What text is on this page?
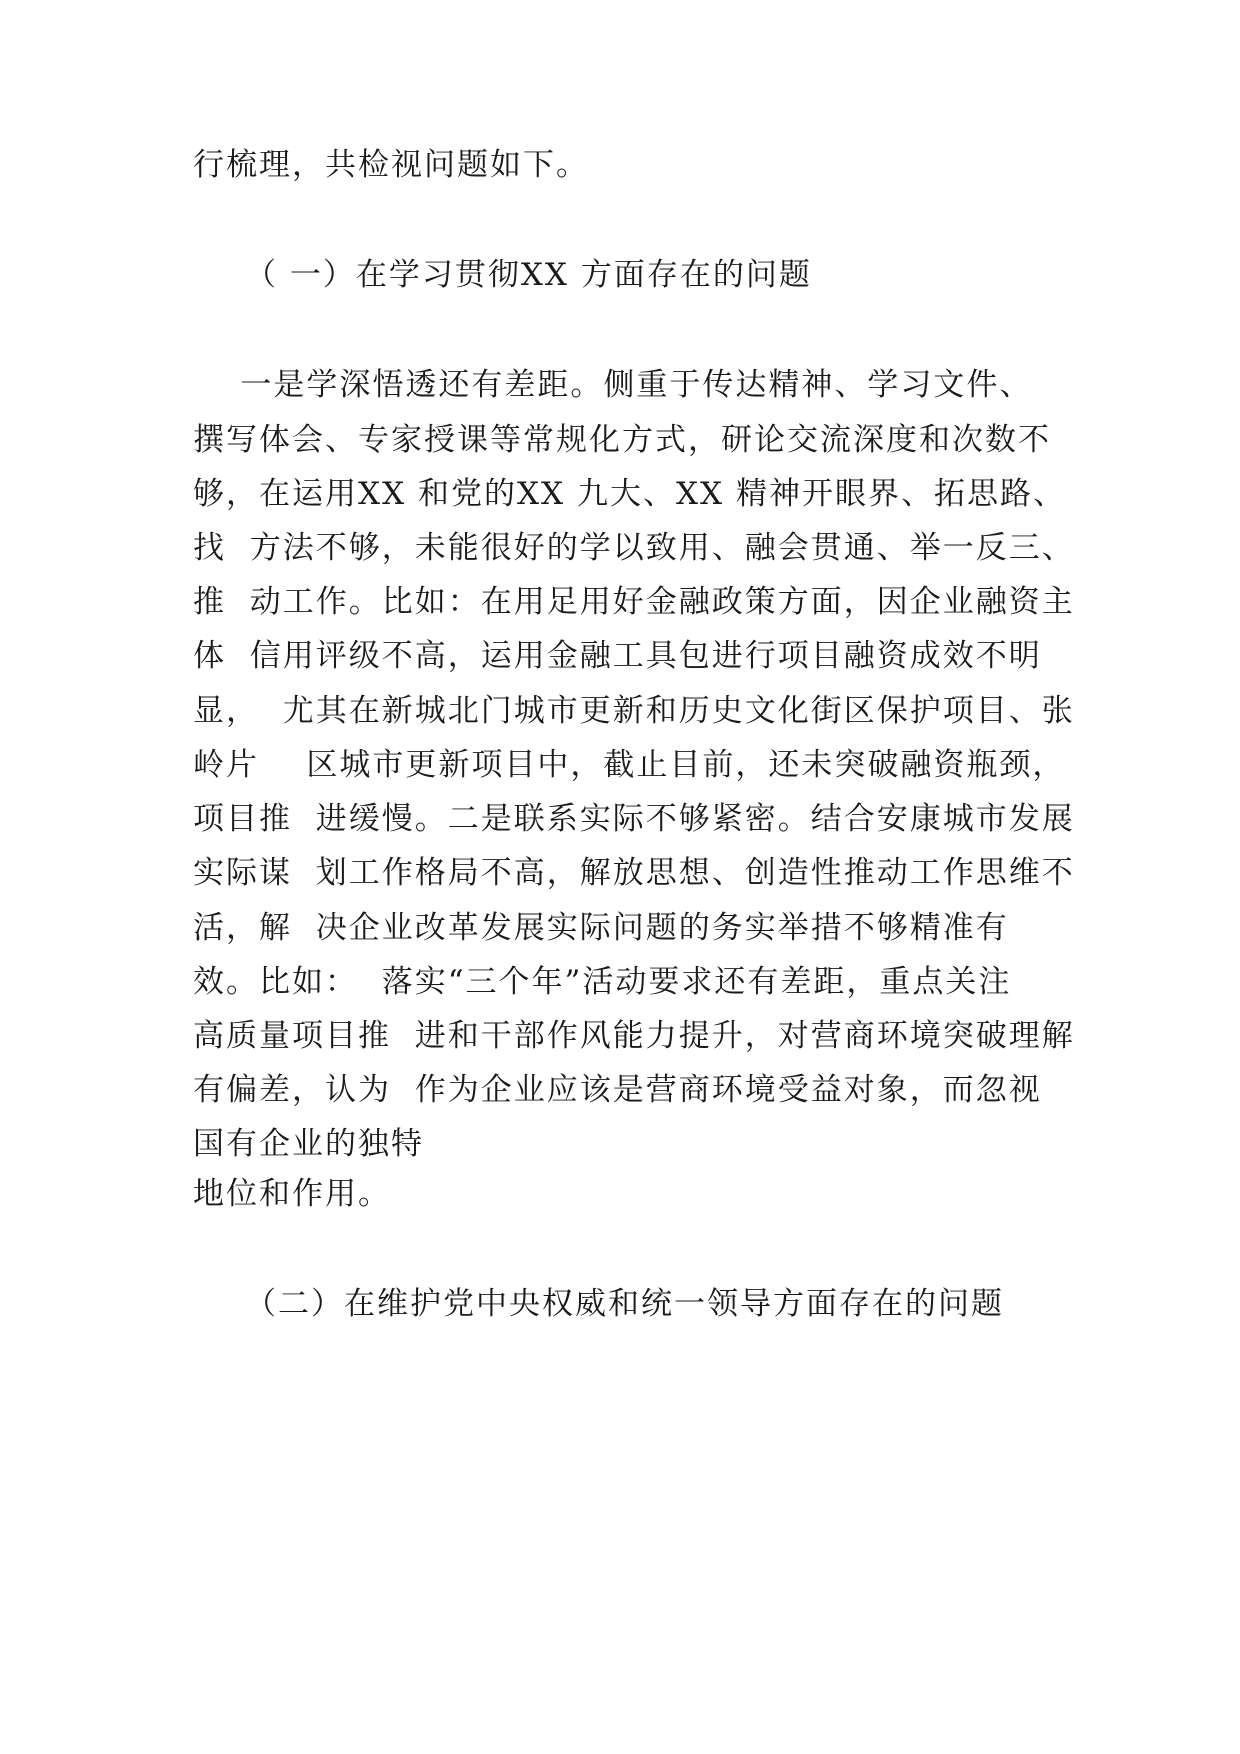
行梳理，共检视问题如下。
（ 一）在学习贯彻XX 方面存在的问题
一是学深悟透还有差距。侧重于传达精神、学习文件、
撰写体会、专家授课等常规化方式，研论交流深度和次数不
够，在运用XX 和党的XX 九大、XX 精神开眼界、拓思路、
找  方法不够，未能很好的学以致用、融会贯通、举一反三、
推  动工作。比如：在用足用好金融政策方面，因企业融资主
体  信用评级不高，运用金融工具包进行项目融资成效不明
显，  尤其在新城北门城市更新和历史文化街区保护项目、张
岭片    区城市更新项目中，截止目前，还未突破融资瓶颈，
项目推  进缓慢。二是联系实际不够紧密。结合安康城市发展
实际谋  划工作格局不高，解放思想、创造性推动工作思维不
活，解  决企业改革发展实际问题的务实举措不够精准有
效。比如：  落实“三个年”活动要求还有差距，重点关注
高质量项目推  进和干部作风能力提升，对营商环境突破理解
有偏差，认为  作为企业应该是营商环境受益对象，而忽视
国有企业的独特
地位和作用。
（二）在维护党中央权威和统一领导方面存在的问题
